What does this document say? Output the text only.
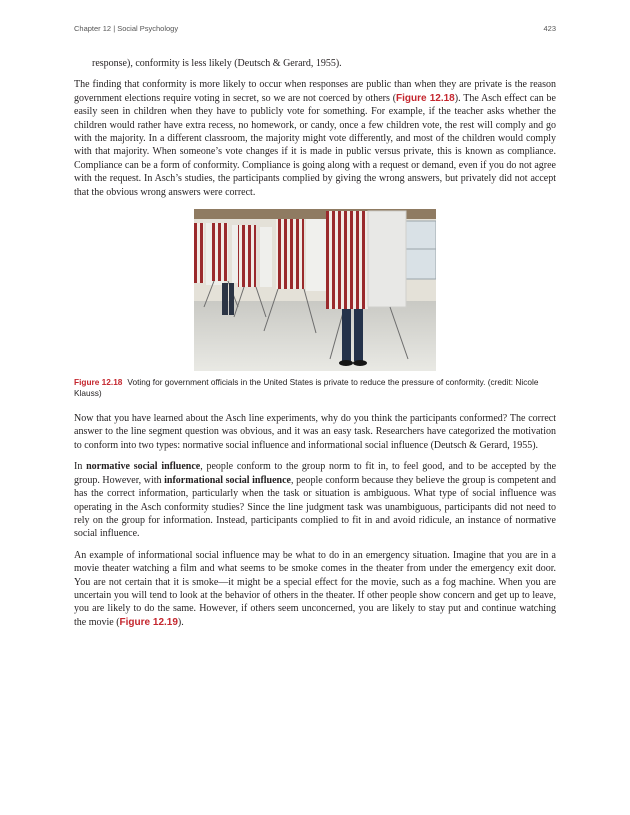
Chapter 12 | Social Psychology	423

response), conformity is less likely (Deutsch & Gerard, 1955).

The finding that conformity is more likely to occur when responses are public than when they are private is the reason government elections require voting in secret, so we are not coerced by others (Figure 12.18). The Asch effect can be easily seen in children when they have to publicly vote for something. For example, if the teacher asks whether the children would rather have extra recess, no homework, or candy, once a few children vote, the rest will comply and go with the majority. In a different classroom, the majority might vote differently, and most of the children would comply with that majority. When someone’s vote changes if it is made in public versus private, this is known as compliance. Compliance can be a form of conformity. Compliance is going along with a request or demand, even if you do not agree with the request. In Asch’s studies, the participants complied by giving the wrong answers, but privately did not accept that the obvious wrong answers were correct.

Figure 12.18 Voting for government officials in the United States is private to reduce the pressure of conformity. (credit: Nicole Klauss)

Now that you have learned about the Asch line experiments, why do you think the participants conformed? The correct answer to the line segment question was obvious, and it was an easy task. Researchers have categorized the motivation to conform into two types: normative social influence and informational social influence (Deutsch & Gerard, 1955).

In normative social influence, people conform to the group norm to fit in, to feel good, and to be accepted by the group. However, with informational social influence, people conform because they believe the group is competent and has the correct information, particularly when the task or situation is ambiguous. What type of social influence was operating in the Asch conformity studies? Since the line judgment task was unambiguous, participants did not need to rely on the group for information. Instead, participants complied to fit in and avoid ridicule, an instance of normative social influence.

An example of informational social influence may be what to do in an emergency situation. Imagine that you are in a movie theater watching a film and what seems to be smoke comes in the theater from under the emergency exit door. You are not certain that it is smoke—it might be a special effect for the movie, such as a fog machine. When you are uncertain you will tend to look at the behavior of others in the theater. If other people show concern and get up to leave, you are likely to do the same. However, if others seem unconcerned, you are likely to stay put and continue watching the movie (Figure 12.19).
